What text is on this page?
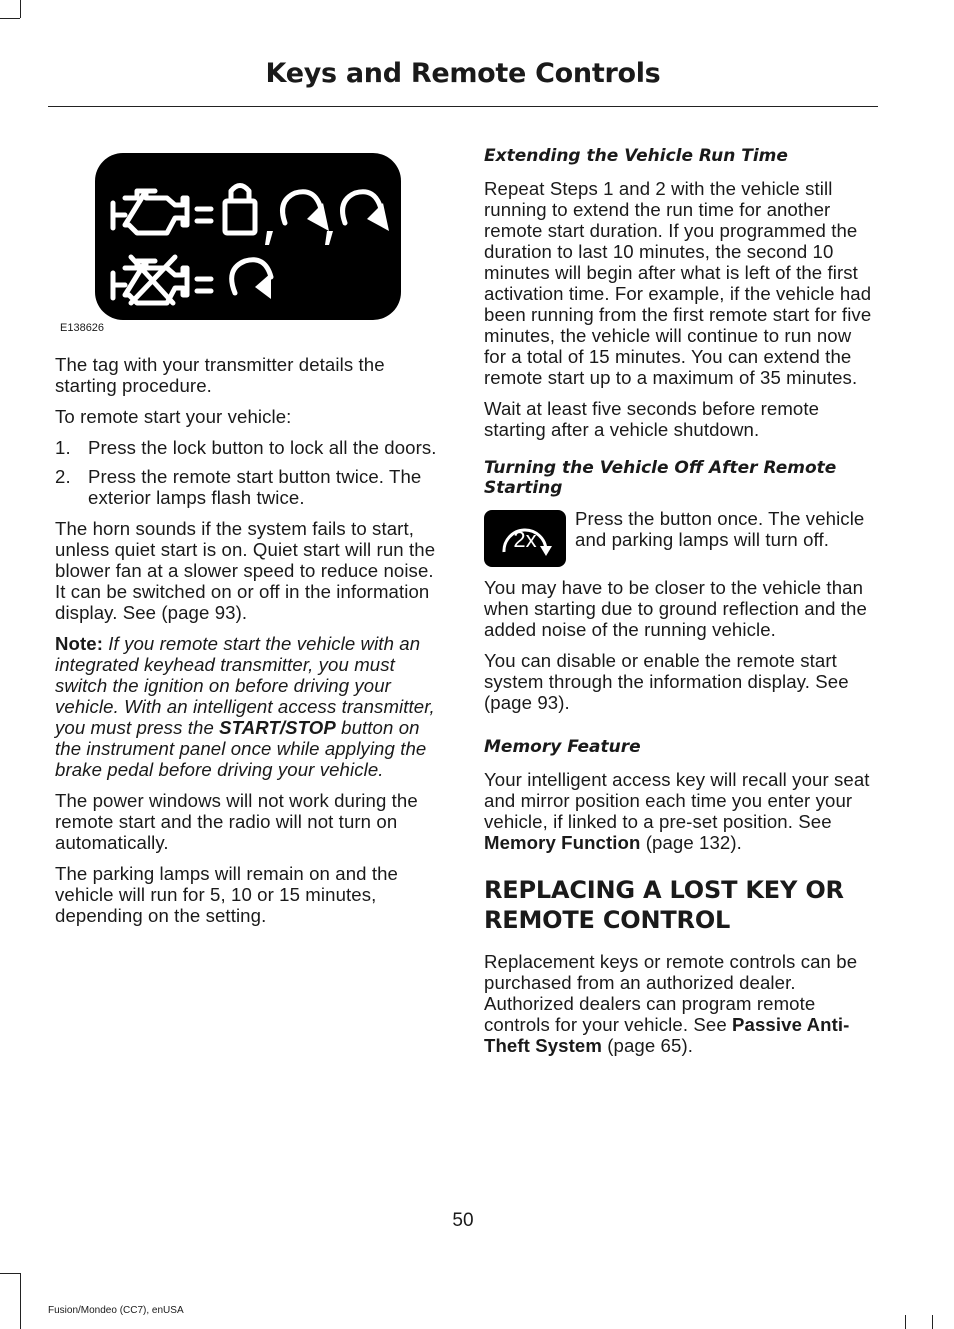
Keys and Remote Controls
E138626

The tag with your transmitter details the starting procedure.

To remote start your vehicle:

1. Press the lock button to lock all the doors.
2. Press the remote start button twice. The exterior lamps flash twice.

The horn sounds if the system fails to start, unless quiet start is on. Quiet start will run the blower fan at a slower speed to reduce noise. It can be switched on or off in the information display. See (page 93).

Note: If you remote start the vehicle with an integrated keyhead transmitter, you must switch the ignition on before driving your vehicle. With an intelligent access transmitter, you must press the START/STOP button on the instrument panel once while applying the brake pedal before driving your vehicle.

The power windows will not work during the remote start and the radio will not turn on automatically.

The parking lamps will remain on and the vehicle will run for 5, 10 or 15 minutes, depending on the setting.

Extending the Vehicle Run Time

Repeat Steps 1 and 2 with the vehicle still running to extend the run time for another remote start duration. If you programmed the duration to last 10 minutes, the second 10 minutes will begin after what is left of the first activation time. For example, if the vehicle had been running from the first remote start for five minutes, the vehicle will continue to run now for a total of 15 minutes. You can extend the remote start up to a maximum of 35 minutes.

Wait at least five seconds before remote starting after a vehicle shutdown.

Turning the Vehicle Off After Remote Starting
2x

Press the button once. The vehicle and parking lamps will turn off.

You may have to be closer to the vehicle than when starting due to ground reflection and the added noise of the running vehicle.

You can disable or enable the remote start system through the information display. See (page 93).

Memory Feature

Your intelligent access key will recall your seat and mirror position each time you enter your vehicle, if linked to a pre-set position. See Memory Function (page 132).

REPLACING A LOST KEY OR REMOTE CONTROL

Replacement keys or remote controls can be purchased from an authorized dealer. Authorized dealers can program remote controls for your vehicle. See Passive Anti-Theft System (page 65).

50
Fusion/Mondeo (CC7), enUSA
